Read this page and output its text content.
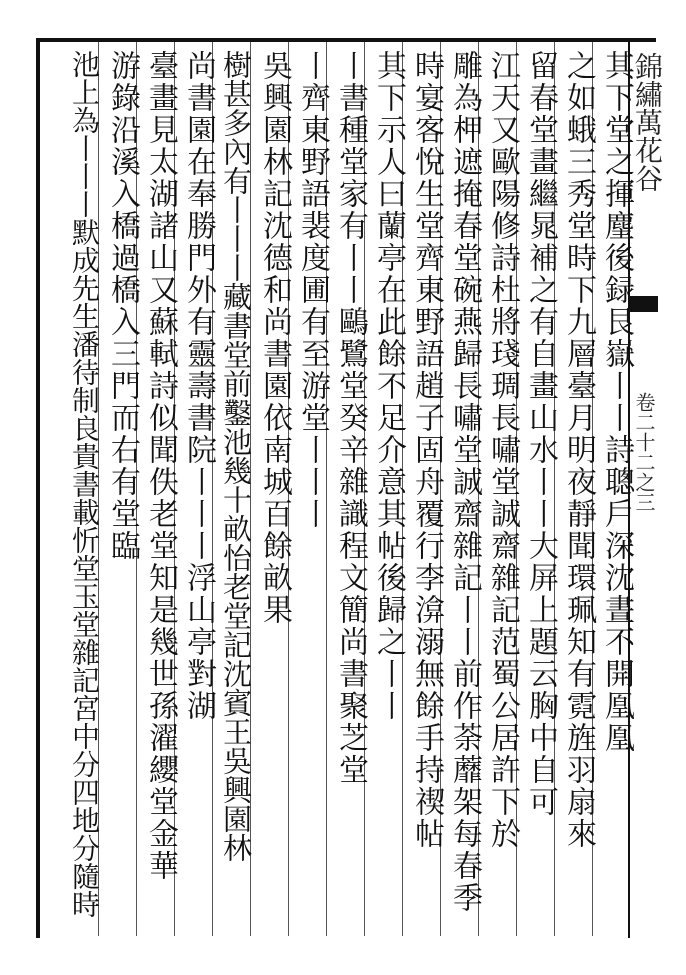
錦繡萬花谷
卷二十二之三
其下堂之揮麈後録艮嶽丨丨詩聰戶深沈晝不開凰凰
之如蛾三秀堂時下九層臺月明夜靜聞環珮知有霓旌羽扇來
留春堂畫繼晁補之有自畫山水丨丨大屏上題云胸中自可
江天又歐陽修詩杜將琖琱長嘯堂誠齋雜記范蜀公居許下於
雕為柙遮掩春堂碗燕歸長嘯堂誠齋雜記丨丨前作荼蘼架每春季
時宴客悅生堂齊東野語趙子固舟覆行李渰溺無餘手持禊帖
其下示人曰蘭亭在此餘不足介意其帖後歸之丨丨
丨書種堂家有丨丨鷗鷺堂癸辛雜識程文簡尚書聚芝堂
丨齊東野語裴度圃有至游堂丨丨丨
吳興園林記沈德和尚書園依南城百餘畝果
樹甚多內有丨丨丨藏書堂前鑿池幾十畝怡老堂記沈賓王吳興園林
尚書園在奉勝門外有靈壽書院丨丨丨浮山亭對湖
臺畫見太湖諸山又蘇軾詩似聞佚老堂知是幾世孫濯纓堂金華
游錄沿溪入橋過橋入三門而右有堂臨
池上為丨丨丨默成先生潘待制良貴書載忻堂玉堂雜記宮中分四地分隨時
